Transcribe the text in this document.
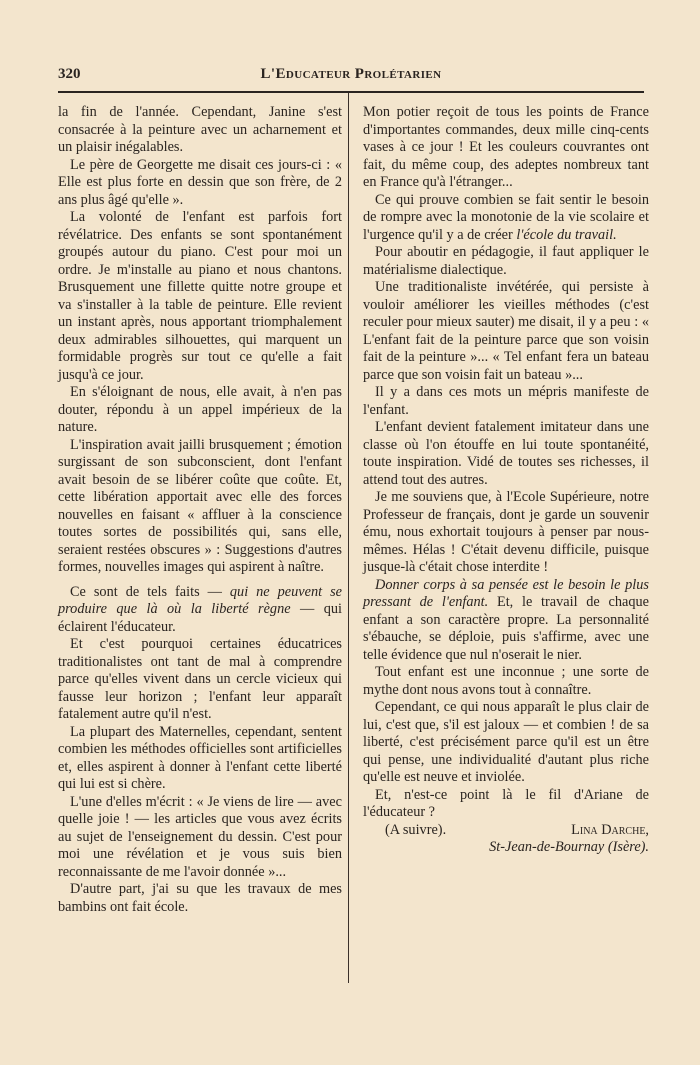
320	L'Educateur Prolétarien

la fin de l'année. Cependant, Janine s'est consacrée à la peinture avec un acharnement et un plaisir inégalables.

Le père de Georgette me disait ces jours-ci : « Elle est plus forte en dessin que son frère, de 2 ans plus âgé qu'elle ».

La volonté de l'enfant est parfois fort révélatrice. Des enfants se sont spontanément groupés autour du piano. C'est pour moi un ordre. Je m'installe au piano et nous chantons. Brusquement une fillette quitte notre groupe et va s'installer à la table de peinture. Elle revient un instant après, nous apportant triomphalement deux admirables silhouettes, qui marquent un formidable progrès sur tout ce qu'elle a fait jusqu'à ce jour.

En s'éloignant de nous, elle avait, à n'en pas douter, répondu à un appel impérieux de la nature.

L'inspiration avait jailli brusquement ; émotion surgissant de son subconscient, dont l'enfant avait besoin de se libérer coûte que coûte. Et, cette libération apportait avec elle des forces nouvelles en faisant « affluer à la conscience toutes sortes de possibilités qui, sans elle, seraient restées obscures » : Suggestions d'autres formes, nouvelles images qui aspirent à naître.

Ce sont de tels faits — qui ne peuvent se produire que là où la liberté règne — qui éclairent l'éducateur.

Et c'est pourquoi certaines éducatrices traditionalistes ont tant de mal à comprendre parce qu'elles vivent dans un cercle vicieux qui fausse leur horizon ; l'enfant leur apparaît fatalement autre qu'il n'est.

La plupart des Maternelles, cependant, sentent combien les méthodes officielles sont artificielles et, elles aspirent à donner à l'enfant cette liberté qui lui est si chère.

L'une d'elles m'écrit : « Je viens de lire — avec quelle joie ! — les articles que vous avez écrits au sujet de l'enseignement du dessin. C'est pour moi une révélation et je vous suis bien reconnaissante de me l'avoir donnée »...

D'autre part, j'ai su que les travaux de mes bambins ont fait école.

Mon potier reçoit de tous les points de France d'importantes commandes, deux mille cinq-cents vases à ce jour ! Et les couleurs couvrantes ont fait, du même coup, des adeptes nombreux tant en France qu'à l'étranger...

Ce qui prouve combien se fait sentir le besoin de rompre avec la monotonie de la vie scolaire et l'urgence qu'il y a de créer l'école du travail.

Pour aboutir en pédagogie, il faut appliquer le matérialisme dialectique.

Une traditionaliste invétérée, qui persiste à vouloir améliorer les vieilles méthodes (c'est reculer pour mieux sauter) me disait, il y a peu : « L'enfant fait de la peinture parce que son voisin fait de la peinture »... « Tel enfant fera un bateau parce que son voisin fait un bateau »...

Il y a dans ces mots un mépris manifeste de l'enfant.

L'enfant devient fatalement imitateur dans une classe où l'on étouffe en lui toute spontanéité, toute inspiration. Vidé de toutes ses richesses, il attend tout des autres.

Je me souviens que, à l'Ecole Supérieure, notre Professeur de français, dont je garde un souvenir ému, nous exhortait toujours à penser par nous-mêmes. Hélas ! C'était devenu difficile, puisque jusque-là c'était chose interdite !

Donner corps à sa pensée est le besoin le plus pressant de l'enfant. Et, le travail de chaque enfant a son caractère propre. La personnalité s'ébauche, se déploie, puis s'affirme, avec une telle évidence que nul n'oserait le nier.

Tout enfant est une inconnue ; une sorte de mythe dont nous avons tout à connaître.

Cependant, ce qui nous apparaît le plus clair de lui, c'est que, s'il est jaloux — et combien ! de sa liberté, c'est précisément parce qu'il est un être qui pense, une individualité d'autant plus riche qu'elle est neuve et inviolée.

Et, n'est-ce point là le fil d'Ariane de l'éducateur ?

(A suivre).	Lina Darche,

St-Jean-de-Bournay (Isère).
